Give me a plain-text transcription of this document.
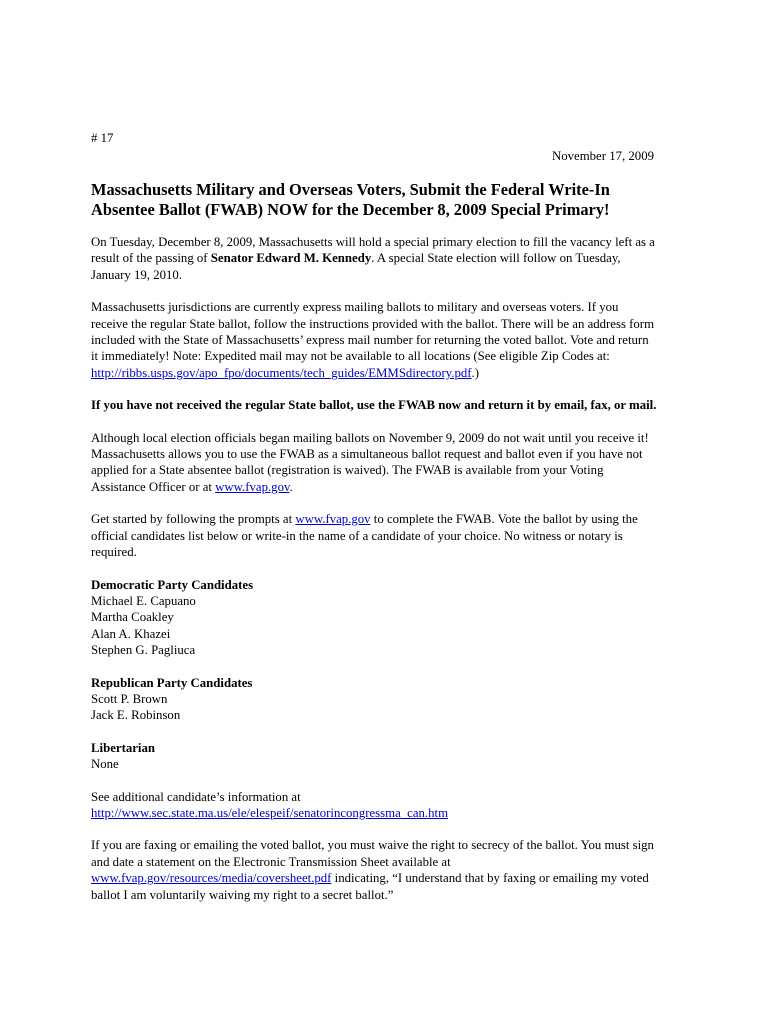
# 17
November 17, 2009
Massachusetts Military and Overseas Voters, Submit the Federal Write-In
Absentee Ballot (FWAB) NOW for the December 8, 2009 Special Primary!

On Tuesday, December 8, 2009, Massachusetts will hold a special primary election to fill the vacancy left as a result of the passing of Senator Edward M. Kennedy. A special State election will follow on Tuesday, January 19, 2010.

Massachusetts jurisdictions are currently express mailing ballots to military and overseas voters. If you receive the regular State ballot, follow the instructions provided with the ballot. There will be an address form included with the State of Massachusetts’ express mail number for returning the voted ballot. Vote and return it immediately! Note: Expedited mail may not be available to all locations (See eligible Zip Codes at: http://ribbs.usps.gov/apo_fpo/documents/tech_guides/EMMSdirectory.pdf.)

If you have not received the regular State ballot, use the FWAB now and return it by email, fax, or mail.

Although local election officials began mailing ballots on November 9, 2009 do not wait until you receive it! Massachusetts allows you to use the FWAB as a simultaneous ballot request and ballot even if you have not applied for a State absentee ballot (registration is waived). The FWAB is available from your Voting Assistance Officer or at www.fvap.gov.

Get started by following the prompts at www.fvap.gov to complete the FWAB. Vote the ballot by using the official candidates list below or write-in the name of a candidate of your choice. No witness or notary is required.

Democratic Party Candidates
Michael E. Capuano
Martha Coakley
Alan A. Khazei
Stephen G. Pagliuca
Republican Party Candidates
Scott P. Brown
Jack E. Robinson
Libertarian
None

See additional candidate’s information at
http://www.sec.state.ma.us/ele/elespeif/senatorincongressma_can.htm

If you are faxing or emailing the voted ballot, you must waive the right to secrecy of the ballot. You must sign and date a statement on the Electronic Transmission Sheet available at www.fvap.gov/resources/media/coversheet.pdf indicating, “I understand that by faxing or emailing my voted ballot I am voluntarily waiving my right to a secret ballot.”
